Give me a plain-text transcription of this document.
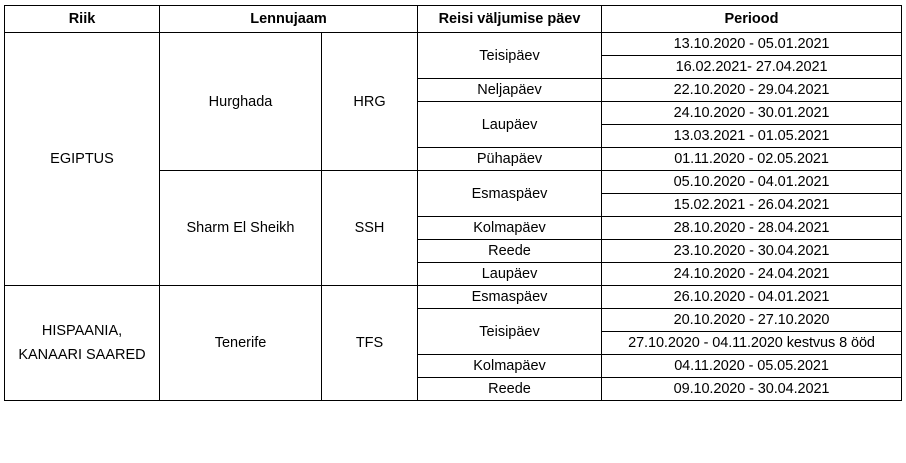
Riik	Lennujaam		Reisi väljumise päev	Periood

EGIPTUS	Hurghada	HRG	Teisipäev	13.10.2020 - 05.01.2021
				16.02.2021- 27.04.2021
			Neljapäev	22.10.2020 - 29.04.2021
			Laupäev	24.10.2020 - 30.01.2021
				13.03.2021 - 01.05.2021
			Pühapäev	01.11.2020 - 02.05.2021
	Sharm El Sheikh	SSH	Esmaspäev	05.10.2020 - 04.01.2021
				15.02.2021 - 26.04.2021
			Kolmapäev	28.10.2020 - 28.04.2021
			Reede	23.10.2020 - 30.04.2021
			Laupäev	24.10.2020 - 24.04.2021

HISPAANIA,
KANAARI SAARED	Tenerife	TFS	Esmaspäev	26.10.2020 - 04.01.2021
			Teisipäev	20.10.2020 - 27.10.2020
				27.10.2020 - 04.11.2020 kestvus 8 ööd
			Kolmapäev	04.11.2020 - 05.05.2021
			Reede	09.10.2020 - 30.04.2021
